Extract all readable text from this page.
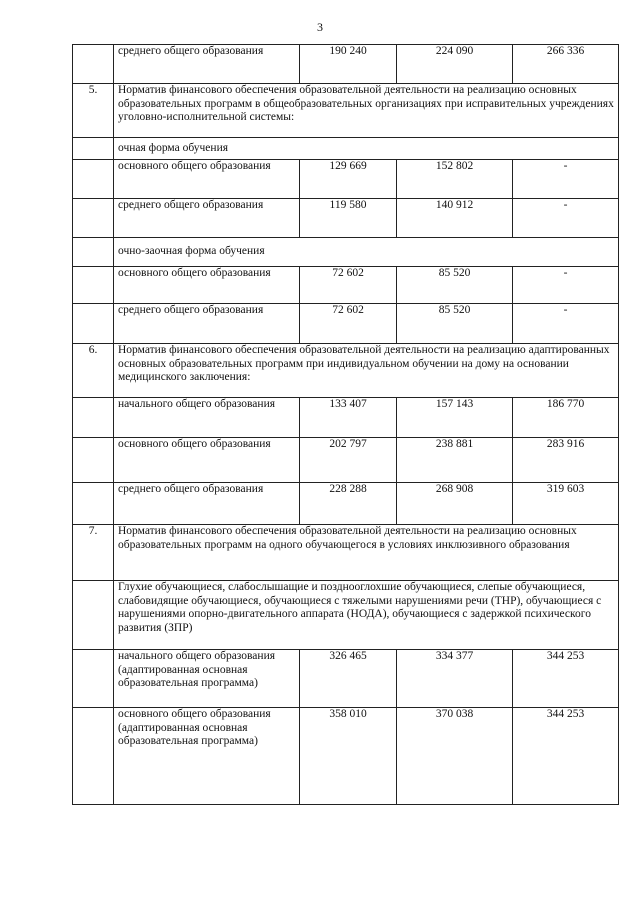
3
	среднего общего образования	190 240	224 090	266 336
5.	Норматив финансового обеспечения образовательной деятельности на реализацию основных образовательных программ в общеобразовательных организациях при исправительных учреждениях уголовно-исполнительной системы:			
	очная форма обучения			
	основного общего образования	129 669	152 802	-
	среднего общего образования	119 580	140 912	-
	очно-заочная форма обучения			
	основного общего образования	72 602	85 520	-
	среднего общего образования	72 602	85 520	-
6.	Норматив финансового обеспечения образовательной деятельности на реализацию адаптированных основных образовательных программ при индивидуальном обучении на дому на основании медицинского заключения:			
	начального общего образования	133 407	157 143	186 770
	основного общего образования	202 797	238 881	283 916
	среднего общего образования	228 288	268 908	319 603
7.	Норматив финансового обеспечения образовательной деятельности на реализацию основных образовательных программ на одного обучающегося в условиях инклюзивного образования			
	Глухие обучающиеся, слабослышащие и позднооглохшие обучающиеся, слепые обучающиеся, слабовидящие обучающиеся, обучающиеся с тяжелыми нарушениями речи (ТНР), обучающиеся с нарушениями опорно-двигательного аппарата (НОДА), обучающиеся с задержкой психического развития (ЗПР)			
	начального общего образования (адаптированная основная образовательная программа)	326 465	334 377	344 253
	основного общего образования (адаптированная основная образовательная программа)	358 010	370 038	344 253
